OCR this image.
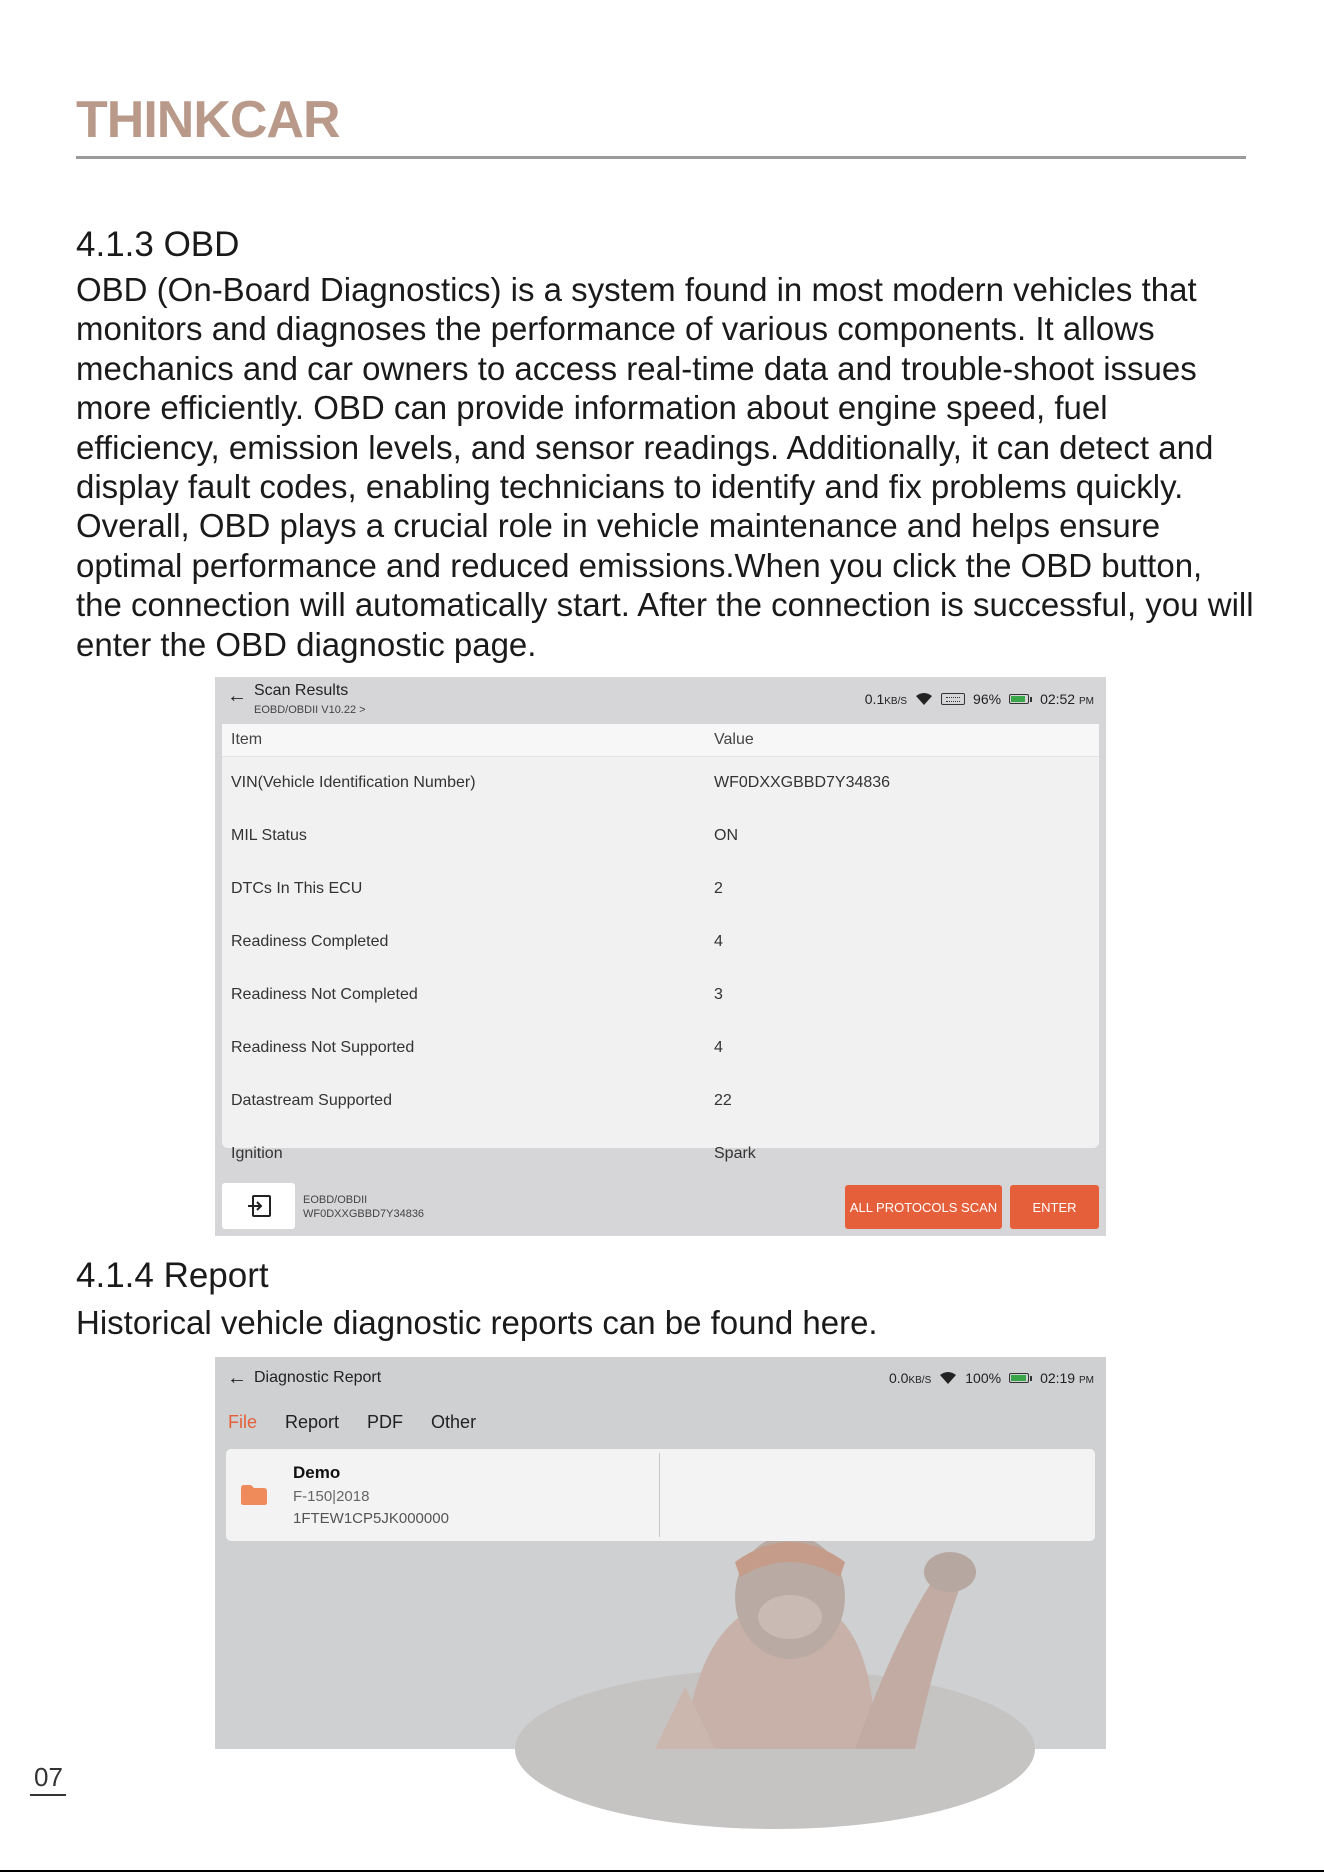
THINKCAR
4.1.3 OBD
OBD (On-Board Diagnostics) is a system found in most modern vehicles that monitors and diagnoses the performance of various components. It allows mechanics and car owners to access real-time data and trouble-shoot issues more efficiently. OBD can provide information about engine speed, fuel efficiency, emission levels, and sensor readings. Additionally, it can detect and display fault codes, enabling technicians to identify and fix problems quickly. Overall, OBD plays a crucial role in vehicle maintenance and helps ensure optimal performance and reduced emissions.When you click the OBD button, the connection will automatically start. After the connection is successful, you will enter the OBD diagnostic page.
← Scan Results
EOBD/OBDII V10.22 >
0.1KB/S	96%	02:52 PM
Item	Value
VIN(Vehicle Identification Number)	WF0DXXGBBD7Y34836
MIL Status	ON
DTCs In This ECU	2
Readiness Completed	4
Readiness Not Completed	3
Readiness Not Supported	4
Datastream Supported	22
Ignition	Spark
EOBD/OBDII
WF0DXXGBBD7Y34836	ALL PROTOCOLS SCAN	ENTER
4.1.4 Report
Historical vehicle diagnostic reports can be found here.
← Diagnostic Report	0.0KB/S 100%	02:19 PM
File Report PDF Other
Demo
F-150|2018
1FTEW1CP5JK000000
07
